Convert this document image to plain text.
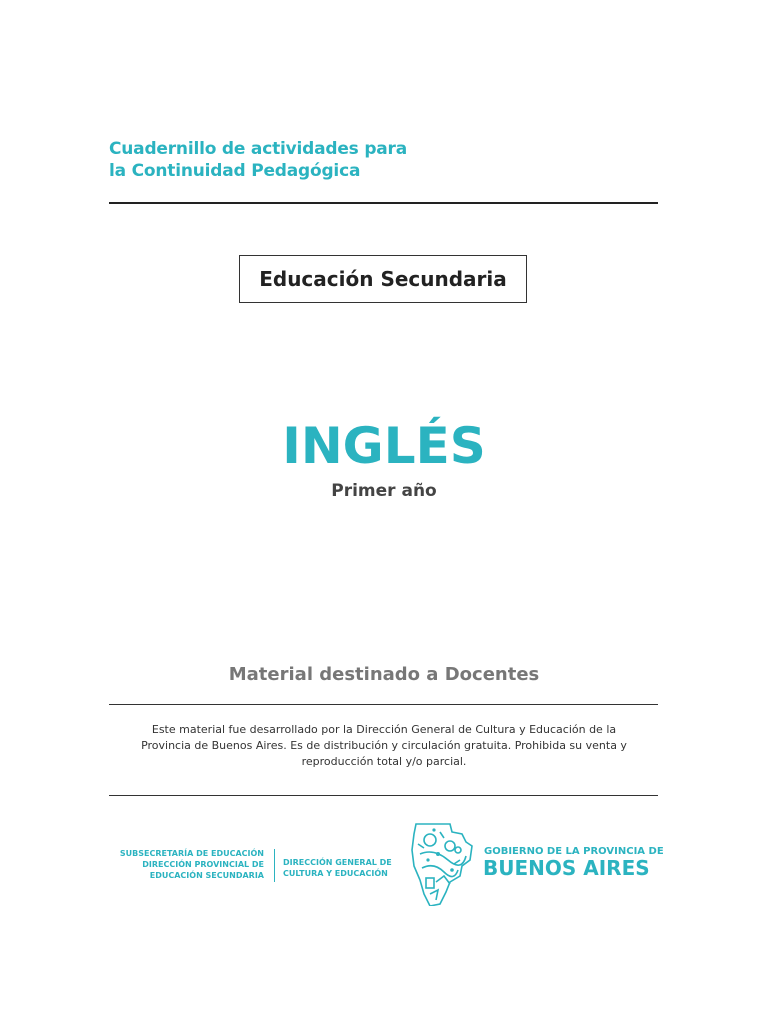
Cuadernillo de actividades para
la Continuidad Pedagógica
Educación Secundaria
INGLÉS
Primer año
Material destinado a Docentes
Este material fue desarrollado por la Dirección General de Cultura y Educación de la
Provincia de Buenos Aires. Es de distribución y circulación gratuita. Prohibida su venta y
reproducción total y/o parcial.
SUBSECRETARÍA DE EDUCACIÓN
DIRECCIÓN PROVINCIAL DE
EDUCACIÓN SECUNDARIA
DIRECCIÓN GENERAL DE
CULTURA Y EDUCACIÓN
GOBIERNO DE LA PROVINCIA DE
BUENOS AIRES
